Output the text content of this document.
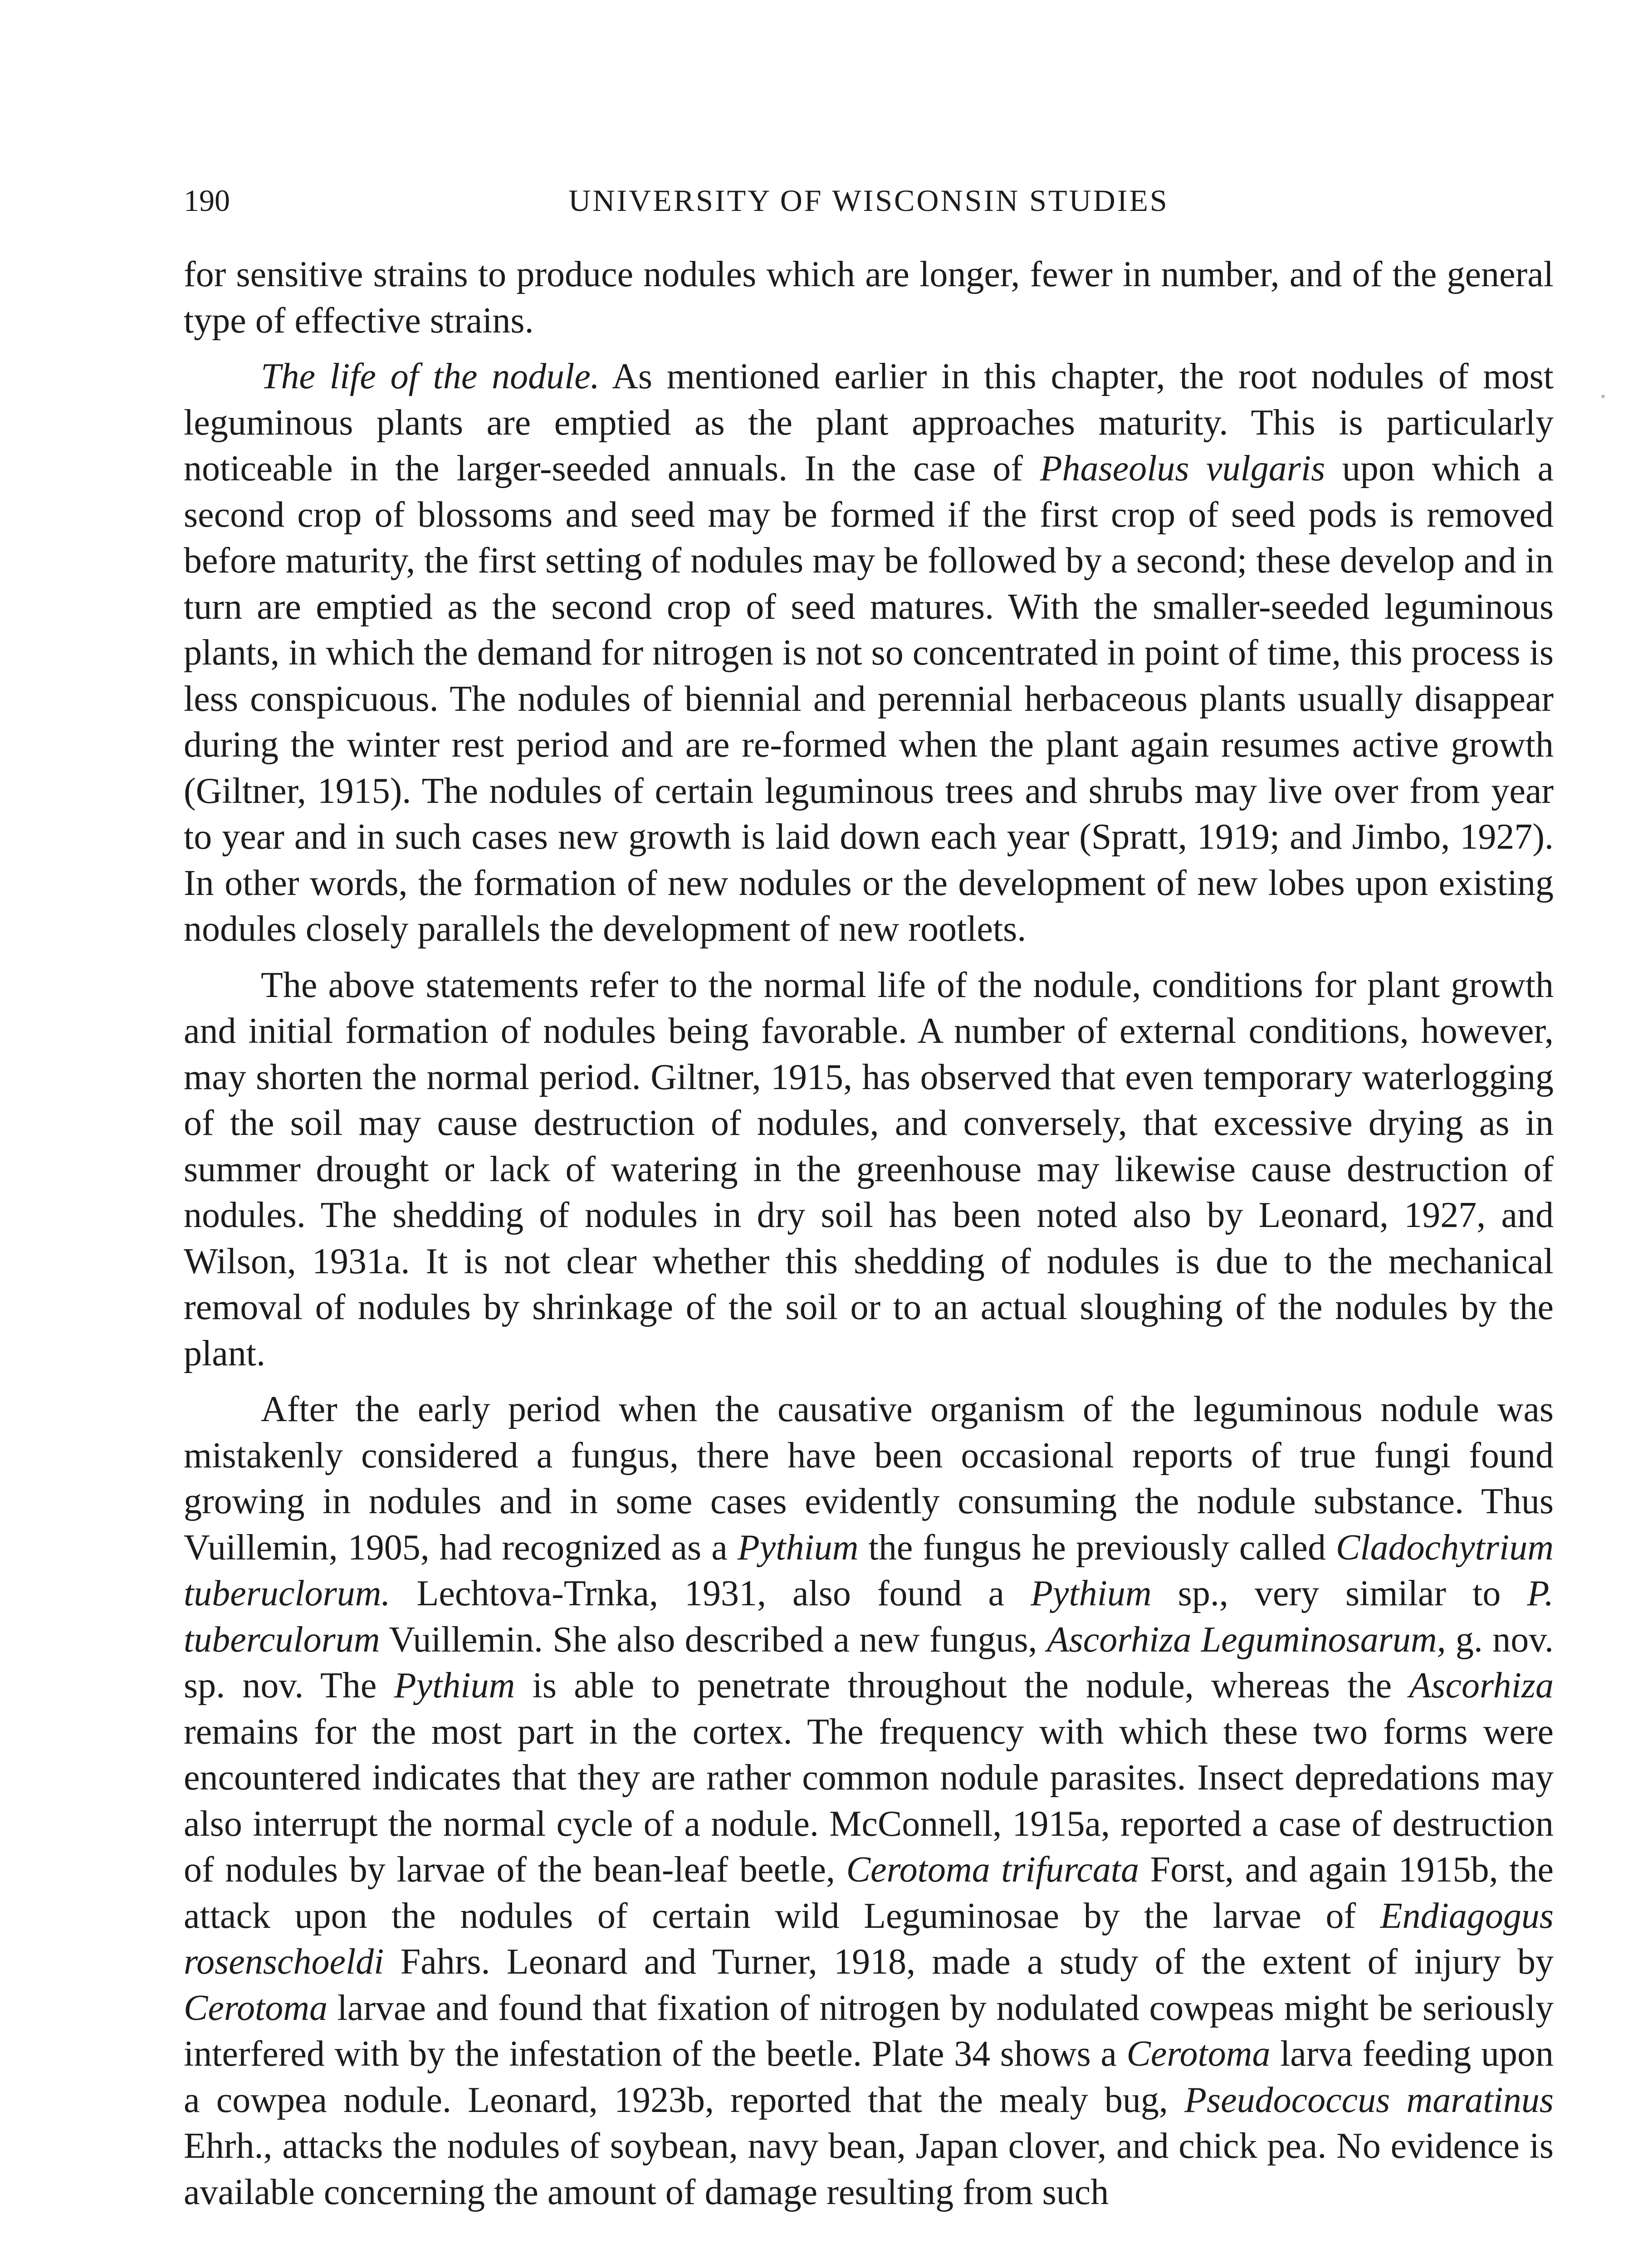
190	UNIVERSITY OF WISCONSIN STUDIES

for sensitive strains to produce nodules which are longer, fewer in number, and of the general type of effective strains.

The life of the nodule. As mentioned earlier in this chapter, the root nodules of most leguminous plants are emptied as the plant approaches maturity. This is particularly noticeable in the larger-seeded annuals. In the case of Phaseolus vulgaris upon which a second crop of blossoms and seed may be formed if the first crop of seed pods is removed before maturity, the first setting of nodules may be followed by a second; these develop and in turn are emptied as the second crop of seed matures. With the smaller-seeded leguminous plants, in which the demand for nitrogen is not so concentrated in point of time, this process is less conspicuous. The nodules of biennial and perennial herbaceous plants usually disappear during the winter rest period and are re-formed when the plant again resumes active growth (Giltner, 1915). The nodules of certain leguminous trees and shrubs may live over from year to year and in such cases new growth is laid down each year (Spratt, 1919; and Jimbo, 1927). In other words, the formation of new nodules or the development of new lobes upon existing nodules closely parallels the development of new rootlets.

The above statements refer to the normal life of the nodule, conditions for plant growth and initial formation of nodules being favorable. A number of external conditions, however, may shorten the normal period. Giltner, 1915, has observed that even temporary waterlogging of the soil may cause destruction of nodules, and conversely, that excessive drying as in summer drought or lack of watering in the greenhouse may likewise cause destruction of nodules. The shedding of nodules in dry soil has been noted also by Leonard, 1927, and Wilson, 1931a. It is not clear whether this shedding of nodules is due to the mechanical removal of nodules by shrinkage of the soil or to an actual sloughing of the nodules by the plant.

After the early period when the causative organism of the leguminous nodule was mistakenly considered a fungus, there have been occasional reports of true fungi found growing in nodules and in some cases evidently consuming the nodule substance. Thus Vuillemin, 1905, had recognized as a Pythium the fungus he previously called Cladochytrium tuberuclorum. Lechtova-Trnka, 1931, also found a Pythium sp., very similar to P. tuberculorum Vuillemin. She also described a new fungus, Ascorhiza Leguminosarum, g. nov. sp. nov. The Pythium is able to penetrate throughout the nodule, whereas the Ascorhiza remains for the most part in the cortex. The frequency with which these two forms were encountered indicates that they are rather common nodule parasites. Insect depredations may also interrupt the normal cycle of a nodule. McConnell, 1915a, reported a case of destruction of nodules by larvae of the bean-leaf beetle, Cerotoma trifurcata Forst, and again 1915b, the attack upon the nodules of certain wild Leguminosae by the larvae of Endiagogus rosenschoeldi Fahrs. Leonard and Turner, 1918, made a study of the extent of injury by Cerotoma larvae and found that fixation of nitrogen by nodulated cowpeas might be seriously interfered with by the infestation of the beetle. Plate 34 shows a Cerotoma larva feeding upon a cowpea nodule. Leonard, 1923b, reported that the mealy bug, Pseudococcus maratinus Ehrh., attacks the nodules of soybean, navy bean, Japan clover, and chick pea. No evidence is available concerning the amount of damage resulting from such
